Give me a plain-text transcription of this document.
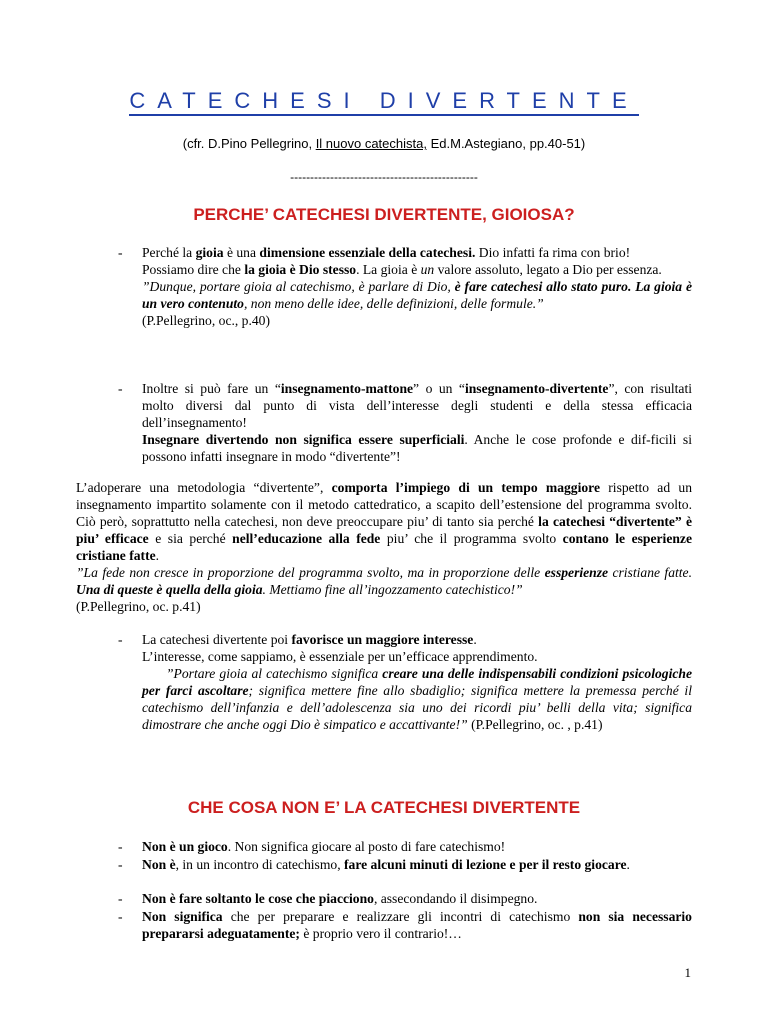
CATECHESI DIVERTENTE
(cfr. D.Pino Pellegrino, Il nuovo catechista, Ed.M.Astegiano, pp.40-51)
-----------------------------------------------
PERCHE’ CATECHESI DIVERTENTE, GIOIOSA?
- Perché la gioia è una dimensione essenziale della catechesi. Dio infatti fa rima con brio!
Possiamo dire che la gioia è Dio stesso. La gioia è un valore assoluto, legato a Dio per essenza.
”Dunque, portare gioia al catechismo, è parlare di Dio, è fare catechesi allo stato puro. La gioia è un vero contenuto, non meno delle idee, delle definizioni, delle formule.”
(P.Pellegrino, oc., p.40)
- Inoltre si può fare un “insegnamento-mattone” o un “insegnamento-divertente”, con risultati molto diversi dal punto di vista dell’interesse degli studenti e della stessa efficacia dell’insegnamento!
Insegnare divertendo non significa essere superficiali. Anche le cose profonde e dif-ficili si possono infatti insegnare in modo “divertente”!
L’adoperare una metodologia “divertente”, comporta l’impiego di un tempo maggiore rispetto ad un insegnamento impartito solamente con il metodo cattedratico, a scapito dell’estensione del programma svolto. Ciò però, soprattutto nella catechesi, non deve preoccupare piu’ di tanto sia perché la catechesi “divertente” è piu’ efficace e sia perché nell’educazione alla fede piu’ che il programma svolto contano le esperienze cristiane fatte.
”La fede non cresce in proporzione del programma svolto, ma in proporzione delle essperienze cristiane fatte. Una di queste è quella della gioia. Mettiamo fine all’ingozzamento catechistico!”
(P.Pellegrino, oc. p.41)
- La catechesi divertente poi favorisce un maggiore interesse.
L’interesse, come sappiamo, è essenziale per un’efficace apprendimento.
”Portare gioia al catechismo significa creare una delle indispensabili condizioni psicologiche per farci ascoltare; significa mettere fine allo sbadiglio; significa mettere la premessa perché il catechismo dell’infanzia e dell’adolescenza sia uno dei ricordi piu’ belli della vita; significa dimostrare che anche oggi Dio è simpatico e accattivante!” (P.Pellegrino, oc. , p.41)
CHE COSA NON E’ LA CATECHESI DIVERTENTE
- Non è un gioco. Non significa giocare al posto di fare catechismo!
- Non è, in un incontro di catechismo, fare alcuni minuti di lezione e per il resto giocare.
- Non è fare soltanto le cose che piacciono, assecondando il disimpegno.
- Non significa che per preparare e realizzare gli incontri di catechismo non sia necessario prepararsi adeguatamente; è proprio vero il contrario!…
1
